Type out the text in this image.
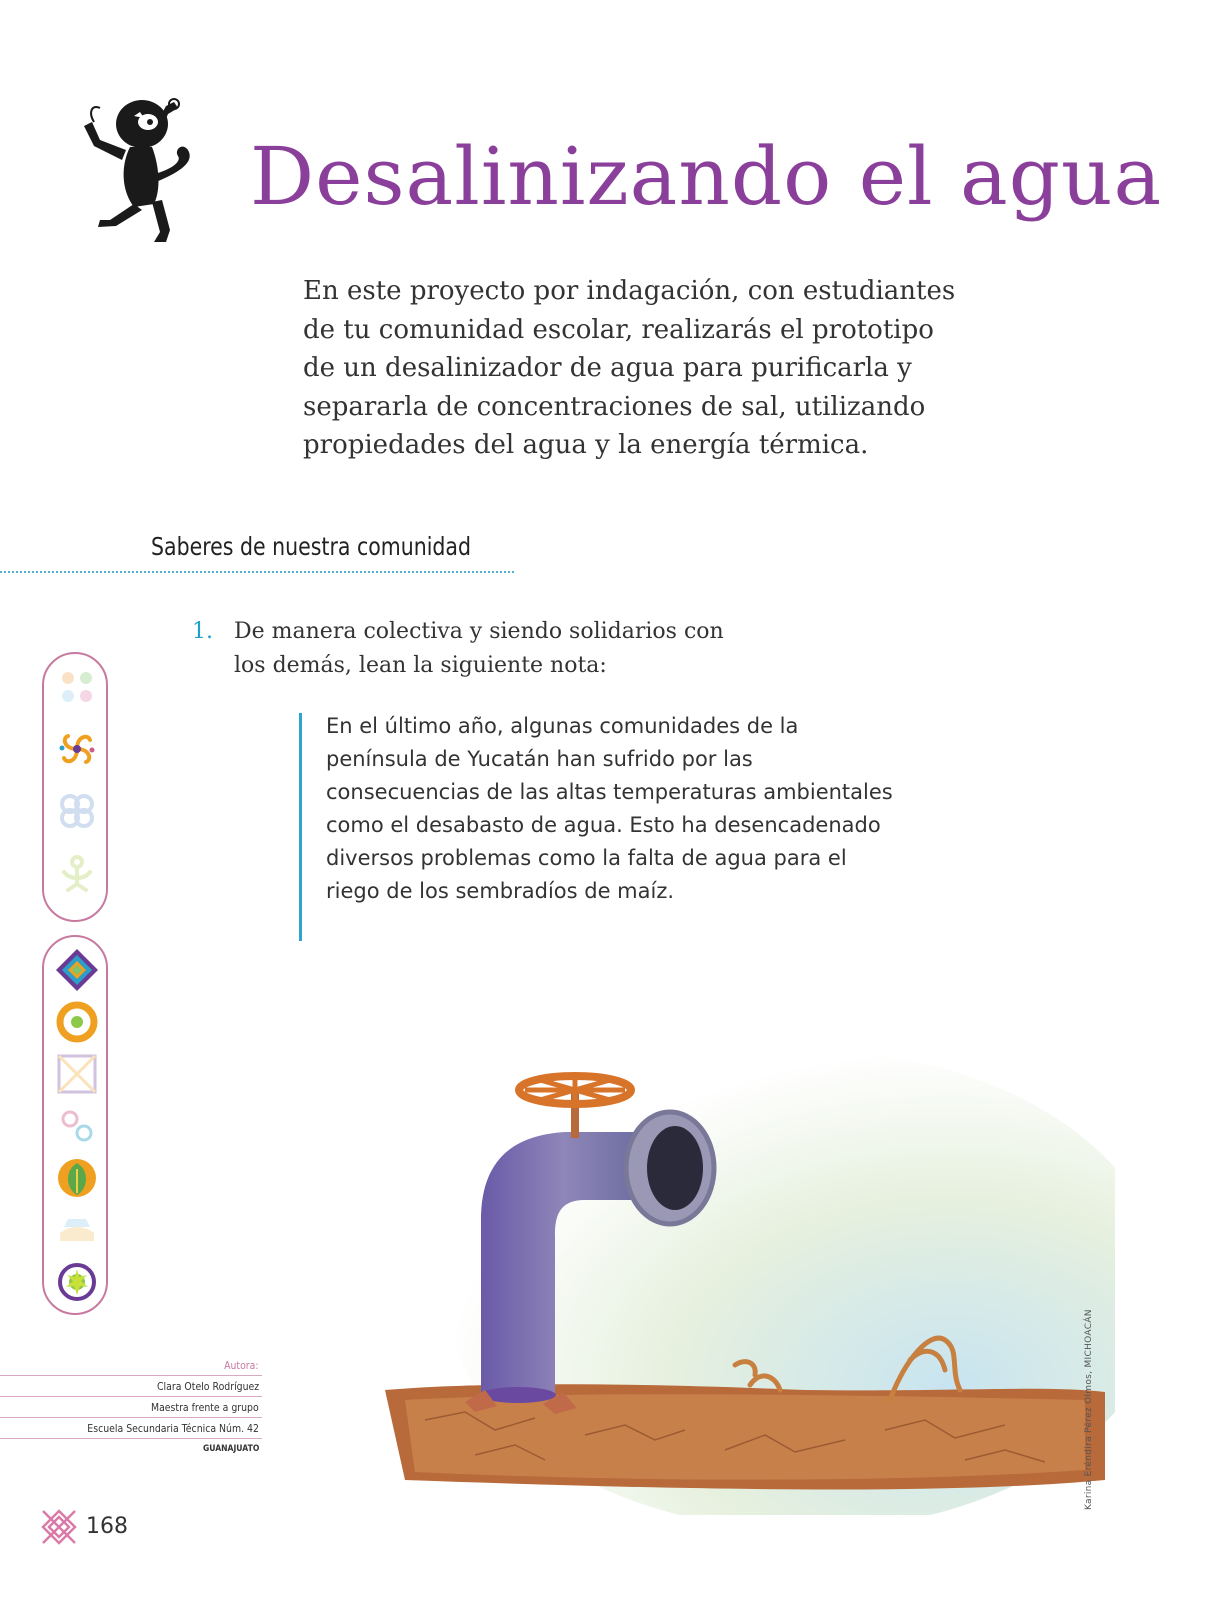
Desalinizando el agua

En este proyecto por indagación, con estudiantes de tu comunidad escolar, realizarás el prototipo de un desalinizador de agua para purificarla y separarla de concentraciones de sal, utilizando propiedades del agua y la energía térmica.

Saberes de nuestra comunidad
1. De manera colectiva y siendo solidarios con los demás, lean la siguiente nota:

En el último año, algunas comunidades de la península de Yucatán han sufrido por las consecuencias de las altas temperaturas ambientales como el desabasto de agua. Esto ha desencadenado diversos problemas como la falta de agua para el riego de los sembradíos de maíz.

Karina Eréndira Pérez Olmos, MICHOACÁN
Autora:
Clara Otelo Rodríguez
Maestra frente a grupo
Escuela Secundaria Técnica Núm. 42
GUANAJUATO
168
